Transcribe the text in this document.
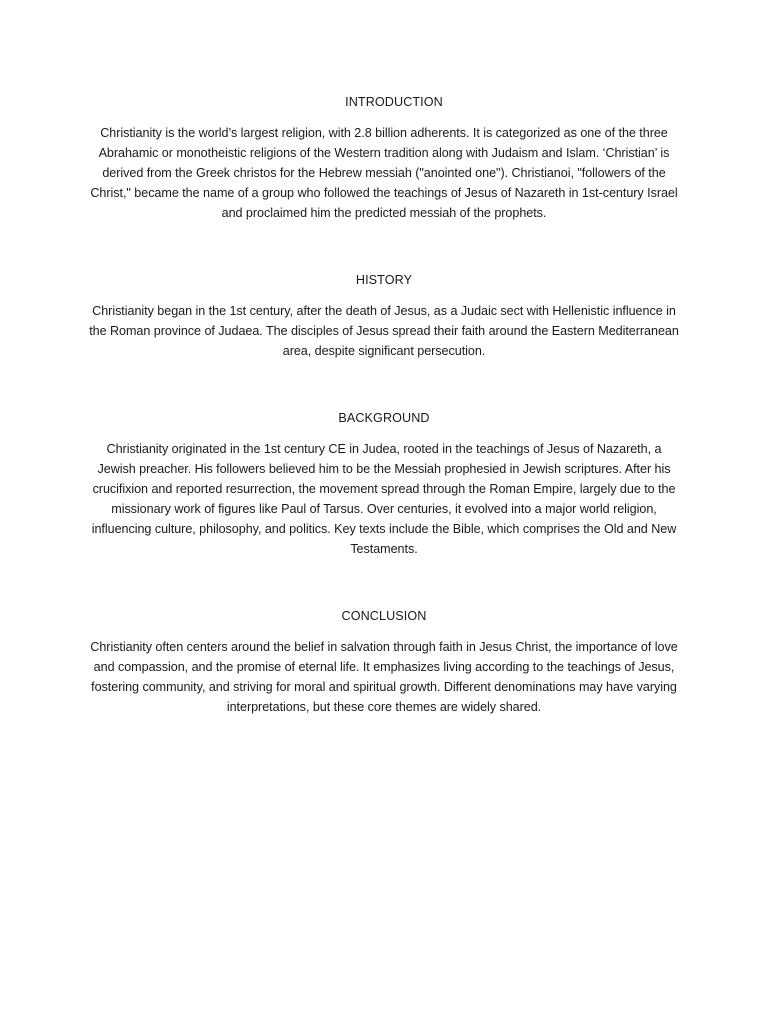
INTRODUCTION

Christianity is the world’s largest religion, with 2.8 billion adherents. It is categorized as one of the three Abrahamic or monotheistic religions of the Western tradition along with Judaism and Islam. ‘Christian’ is derived from the Greek christos for the Hebrew messiah ("anointed one"). Christianoi, "followers of the Christ," became the name of a group who followed the teachings of Jesus of Nazareth in 1st-century Israel and proclaimed him the predicted messiah of the prophets.

HISTORY

Christianity began in the 1st century, after the death of Jesus, as a Judaic sect with Hellenistic influence in the Roman province of Judaea. The disciples of Jesus spread their faith around the Eastern Mediterranean area, despite significant persecution.

BACKGROUND

Christianity originated in the 1st century CE in Judea, rooted in the teachings of Jesus of Nazareth, a Jewish preacher. His followers believed him to be the Messiah prophesied in Jewish scriptures. After his crucifixion and reported resurrection, the movement spread through the Roman Empire, largely due to the missionary work of figures like Paul of Tarsus. Over centuries, it evolved into a major world religion, influencing culture, philosophy, and politics. Key texts include the Bible, which comprises the Old and New Testaments.

CONCLUSION

Christianity often centers around the belief in salvation through faith in Jesus Christ, the importance of love and compassion, and the promise of eternal life. It emphasizes living according to the teachings of Jesus, fostering community, and striving for moral and spiritual growth. Different denominations may have varying interpretations, but these core themes are widely shared.
